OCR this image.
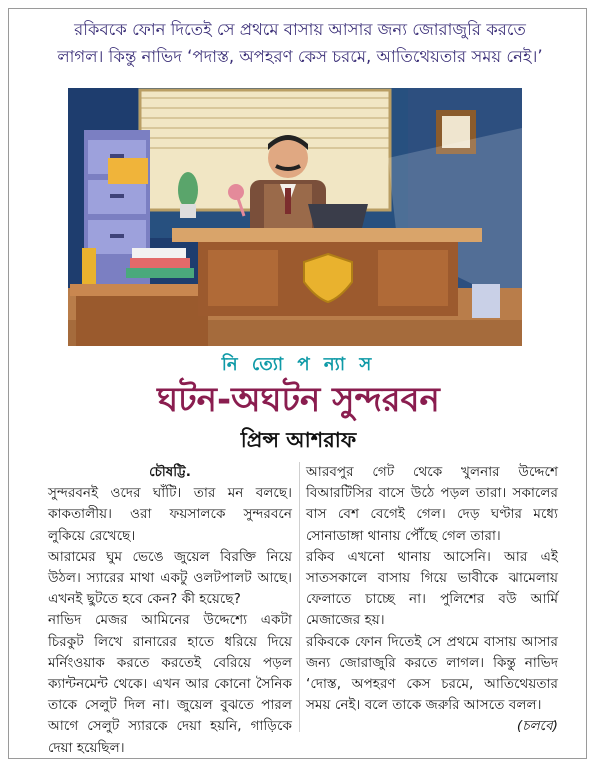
রকিবকে ফোন দিতেই সে প্রথমে বাসায় আসার জন্য জোরাজুরি করতে

লাগল। কিন্তু নাভিদ ‘পদাস্ত, অপহরণ কেস চরমে, আতিথেয়তার সময় নেই।’

নি ত্যো প ন্যা স
ঘটন-অঘটন সুন্দরবন
প্রিন্স আশরাফ

চৌষট্টি.

সুন্দরবনই ওদের ঘাঁটি। তার মন বলছে। কাকতালীয়। ওরা ফয়সালকে সুন্দরবনে লুকিয়ে রেখেছে।

আরামের ঘুম ভেঙে জুয়েল বিরক্তি নিয়ে উঠল। স্যারের মাথা একটু ওলটপালট আছে। এখনই ছুটতে হবে কেন? কী হয়েছে?

নাভিদ মেজর আমিনের উদ্দেশ্যে একটা চিরকুট লিখে রানারের হাতে ধরিয়ে দিয়ে মর্নিংওয়াক করতে করতেই বেরিয়ে পড়ল ক্যান্টনমেন্ট থেকে। এখন আর কোনো সৈনিক তাকে সেলুট দিল না। জুয়েল বুঝতে পারল আগে সেলুট স্যারকে দেয়া হয়নি, গাড়িকে দেয়া হয়েছিল।

আরবপুর গেট থেকে খুলনার উদ্দেশে বিআরটিসির বাসে উঠে পড়ল তারা। সকালের বাস বেশ বেগেই গেল। দেড় ঘণ্টার মধ্যে সোনাডাঙ্গা থানায় পৌঁছে গেল তারা।

রকিব এখনো থানায় আসেনি। আর এই সাতসকালে বাসায় গিয়ে ভাবীকে ঝামেলায় ফেলাতে চাচ্ছে না। পুলিশের বউ আর্মি মেজাজের হয়।

রকিবকে ফোন দিতেই সে প্রথমে বাসায় আসার জন্য জোরাজুরি করতে লাগল। কিন্তু নাভিদ ‘দোস্ত, অপহরণ কেস চরমে, আতিথেয়তার সময় নেই। বলে তাকে জরুরি আসতে বলল।
(চলবে)
